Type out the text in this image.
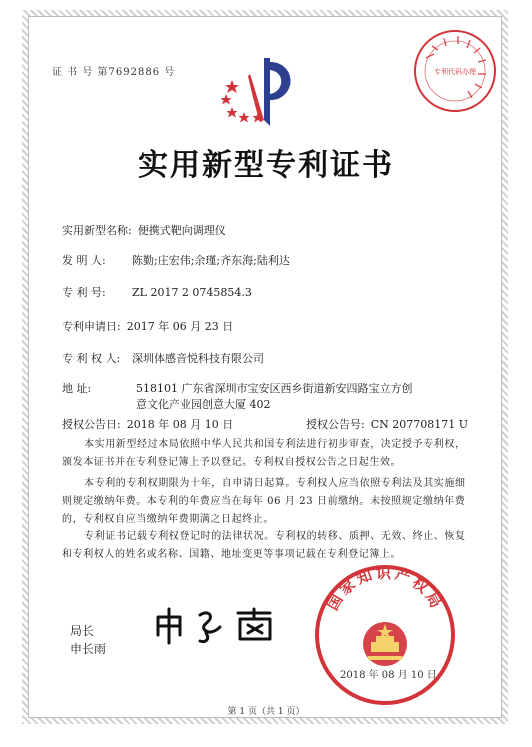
证 书 号 第7692886 号	专利代码办理
实用新型专利证书
实用新型名称: 便携式靶向调理仪
发 明 人: 陈勤;庄宏伟;余瑾;齐东海;陆利达
专 利 号: ZL 2017 2 0745854.3
专利申请日: 2017 年 06 月 23 日
专 利 权 人: 深圳体感音悦科技有限公司
地 址:	518101 广东省深圳市宝安区西乡街道新安四路宝立方创
意文化产业园创意大厦 402
授权公告日: 2018 年 08 月 10 日	授权公告号: CN 207708171 U
本实用新型经过本局依照中华人民共和国专利法进行初步审查，决定授予专利权，颁发本证书并在专利登记簿上予以登记。专利权自授权公告之日起生效。
本专利的专利权期限为十年，自申请日起算。专利权人应当依照专利法及其实施细则规定缴纳年费。本专利的年费应当在每年 06 月 23 日前缴纳。未按照规定缴纳年费的，专利权自应当缴纳年费期满之日起终止。
专利证书记载专利权登记时的法律状况。专利权的转移、质押、无效、终止、恢复和专利权人的姓名或名称、国籍、地址变更等事项记载在专利登记簿上。
局长
申长雨
国家知识产权局
2018 年 08 月 10 日
第 1 页（共 1 页）
